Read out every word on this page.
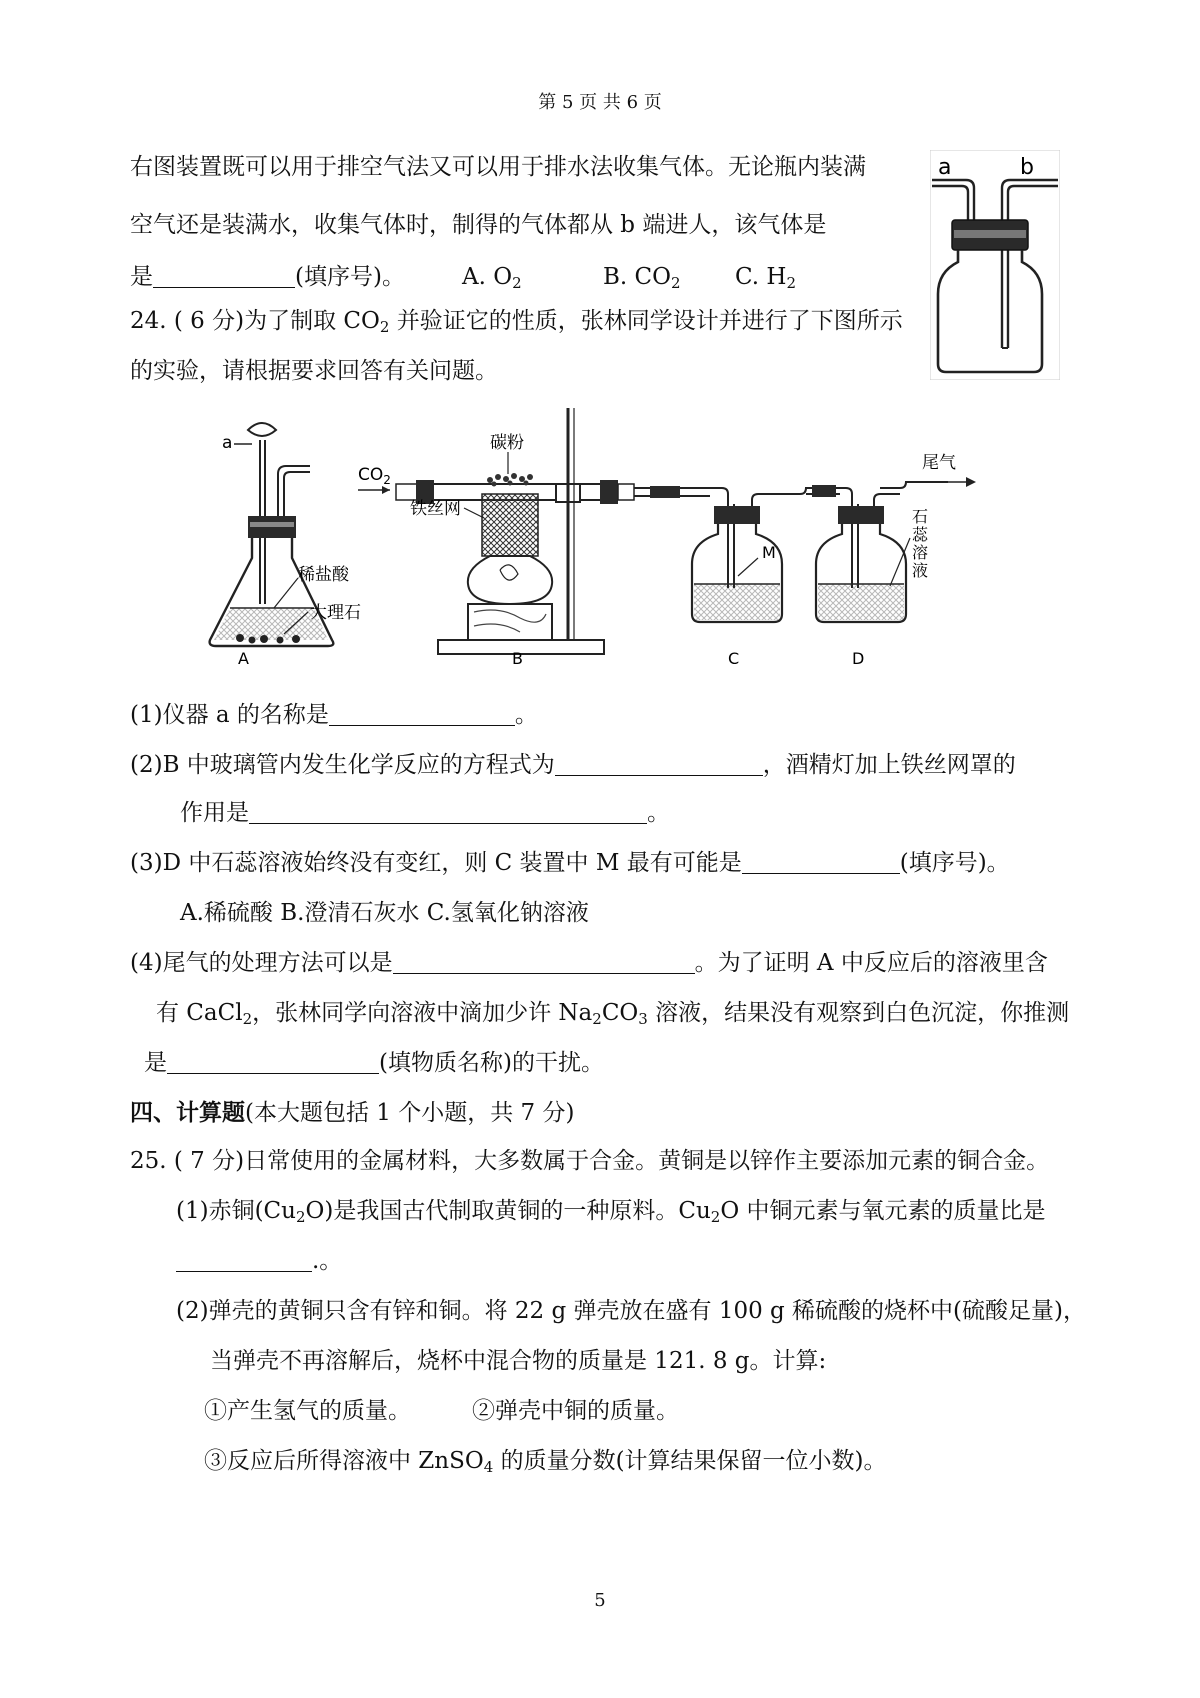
第 5 页 共 6 页
右图装置既可以用于排空气法又可以用于排水法收集气体。无论瓶内装满
空气还是装满水，收集气体时，制得的气体都从 b 端进人，该气体是
是	(填序号)。 A. $O_2$	B. $CO_2$ C. $H_2$
a	b
24. ( 6 分)为了制取 $CO_2$ 并验证它的性质，张林同学设计并进行了下图所示
的实验，请根据要求回答有关问题。
a
稀盐酸
大理石
A
$CO_2$
碳粉
铁丝网
B
M
C
石
蕊
溶
液
D
尾气
(1)仪器 a 的名称是	。
(2)B 中玻璃管内发生化学反应的方程式为	，酒精灯加上铁丝网罩的
作用是	。
(3)D 中石蕊溶液始终没有变红，则 C 装置中 M 最有可能是	(填序号)。
A.稀硫酸 B.澄清石灰水 C.氢氧化钠溶液
(4)尾气的处理方法可以是	。为了证明 A 中反应后的溶液里含
有 CaCl$_2$，张林同学向溶液中滴加少许 $Na_2CO_3$ 溶液，结果没有观察到白色沉淀，你推测
是	(填物质名称)的干扰。
四、计算题(本大题包括 1 个小题，共 7 分)
25. ( 7 分)日常使用的金属材料，大多数属于合金。黄铜是以锌作主要添加元素的铜合金。
(1)赤铜$(Cu_2O)$是我国古代制取黄铜的一种原料。$Cu_2O$ 中铜元素与氧元素的质量比是
.。
(2)弹壳的黄铜只含有锌和铜。将 22 g 弹壳放在盛有 100 g 稀硫酸的烧杯中(硫酸足量)，
当弹壳不再溶解后，烧杯中混合物的质量是 121. 8 g。计算:
①产生氢气的质量。	②弹壳中铜的质量。
③反应后所得溶液中 ZnSO$_4$ 的质量分数(计算结果保留一位小数)。
5
